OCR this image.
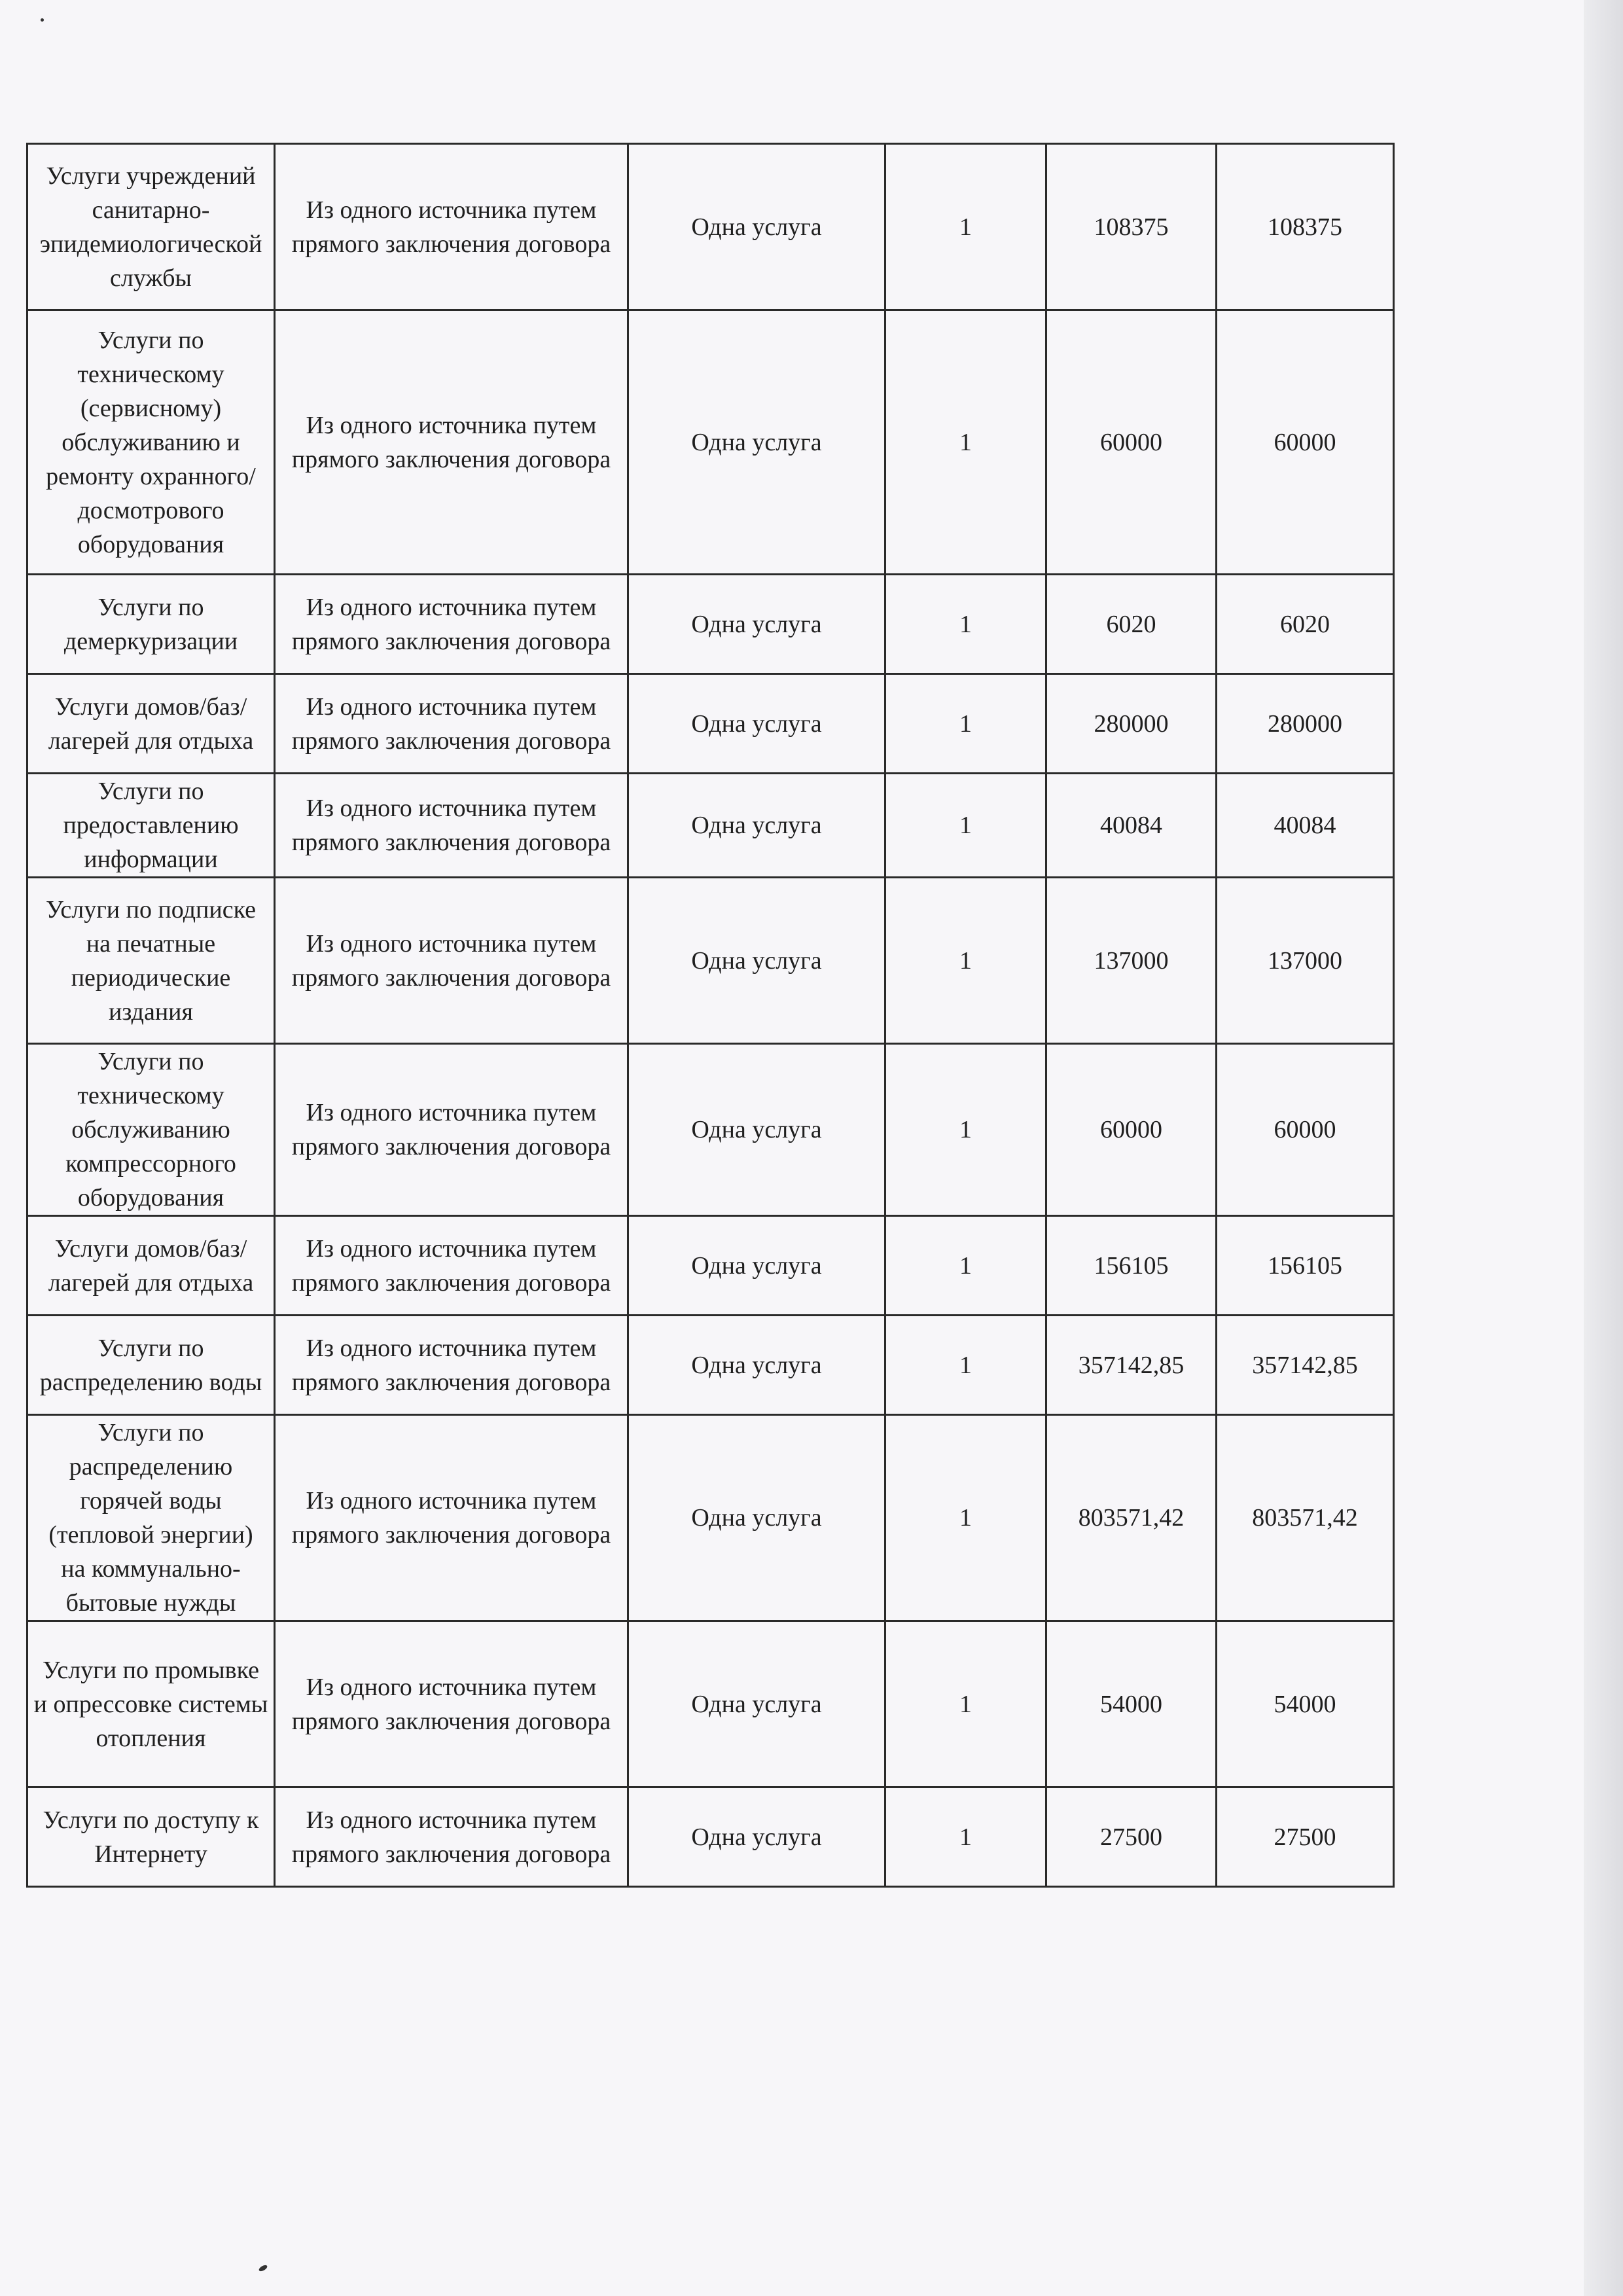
Услуги учреждений санитарно-эпидемиологической службы	Из одного источника путем прямого заключения договора	Одна услуга	1	108375	108375
Услуги по техническому (сервисному) обслуживанию и ремонту охранного/досмотрового оборудования	Из одного источника путем прямого заключения договора	Одна услуга	1	60000	60000
Услуги по демеркуризации	Из одного источника путем прямого заключения договора	Одна услуга	1	6020	6020
Услуги домов/баз/лагерей для отдыха	Из одного источника путем прямого заключения договора	Одна услуга	1	280000	280000
Услуги по предоставлению информации	Из одного источника путем прямого заключения договора	Одна услуга	1	40084	40084
Услуги по подписке на печатные периодические издания	Из одного источника путем прямого заключения договора	Одна услуга	1	137000	137000
Услуги по техническому обслуживанию компрессорного оборудования	Из одного источника путем прямого заключения договора	Одна услуга	1	60000	60000
Услуги домов/баз/лагерей для отдыха	Из одного источника путем прямого заключения договора	Одна услуга	1	156105	156105
Услуги по распределению воды	Из одного источника путем прямого заключения договора	Одна услуга	1	357142,85	357142,85
Услуги по распределению горячей воды (тепловой энергии) на коммунально-бытовые нужды	Из одного источника путем прямого заключения договора	Одна услуга	1	803571,42	803571,42
Услуги по промывке и опрессовке системы отопления	Из одного источника путем прямого заключения договора	Одна услуга	1	54000	54000
Услуги по доступу к Интернету	Из одного источника путем прямого заключения договора	Одна услуга	1	27500	27500
